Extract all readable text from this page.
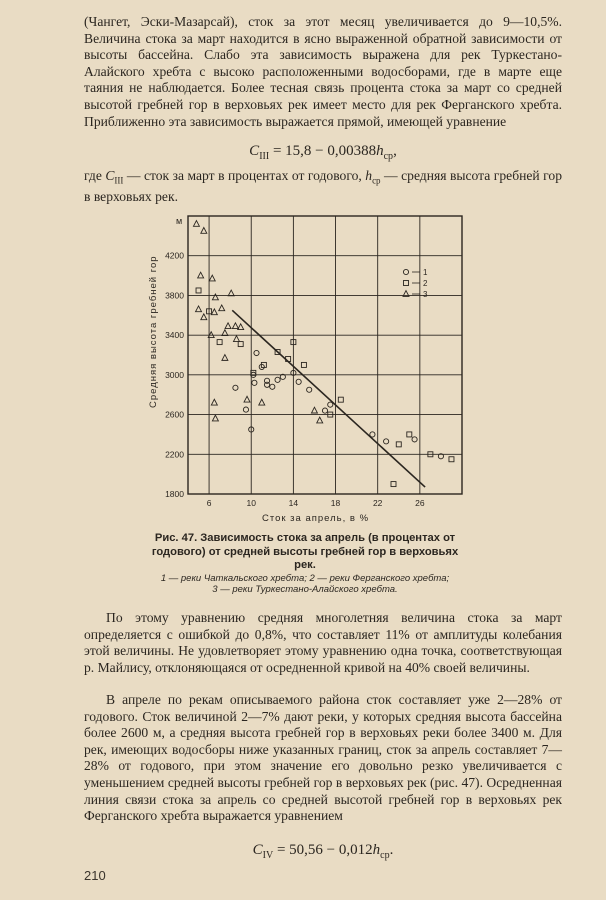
(Чангет, Эски-Мазарсай), сток за этот месяц увеличивается до 9—10,5%. Величина стока за март находится в ясно выраженной обратной зависимости от высоты бассейна. Слабо эта зависимость выражена для рек Туркестано-Алайского хребта с высоко расположенными водосборами, где в марте еще таяния не наблюдается. Более тесная связь процента стока за март со средней высотой гребней гор в верховьях рек имеет место для рек Ферганского хребта. Приближенно эта зависимость выражается прямой, имеющей уравнение

$C_{III} = 15,8 - 0,00388h_{ср}$,

где $C_{III}$ — сток за март в процентах от годового, $h_{ср}$ — средняя высота гребней гор в верховьях рек.

м
6	10	14	18	22	26
1800
2200
2600
3000
3400
3800
4200
1
2
3
Средняя высота гребней гор
Сток за апрель, в %
Рис. 47. Зависимость стока за апрель (в процентах от годового) от средней высоты гребней гор в верховьях рек.
1 — реки Чаткальского хребта; 2 — реки Ферганского хребта;
3 — реки Туркестано-Алайского хребта.

По этому уравнению средняя многолетняя величина стока за март определяется с ошибкой до 0,8%, что составляет 11% от амплитуды колебания этой величины. Не удовлетворяет этому уравнению одна точка, соответствующая р. Майлису, отклоняющаяся от осредненной кривой на 40% своей величины.

В апреле по рекам описываемого района сток составляет уже 2—28% от годового. Сток величиной 2—7% дают реки, у которых средняя высота бассейна более 2600 м, а средняя высота гребней гор в верховьях реки более 3400 м. Для рек, имеющих водосборы ниже указанных границ, сток за апрель составляет 7—28% от годового, при этом значение его довольно резко увеличивается с уменьшением средней высоты гребней гор в верховьях рек (рис. 47). Осредненная линия связи стока за апрель со средней высотой гребней гор в верховьях рек Ферганского хребта выражается уравнением

$C_{IV} = 50,56 - 0,012h_{ср}$.
210
